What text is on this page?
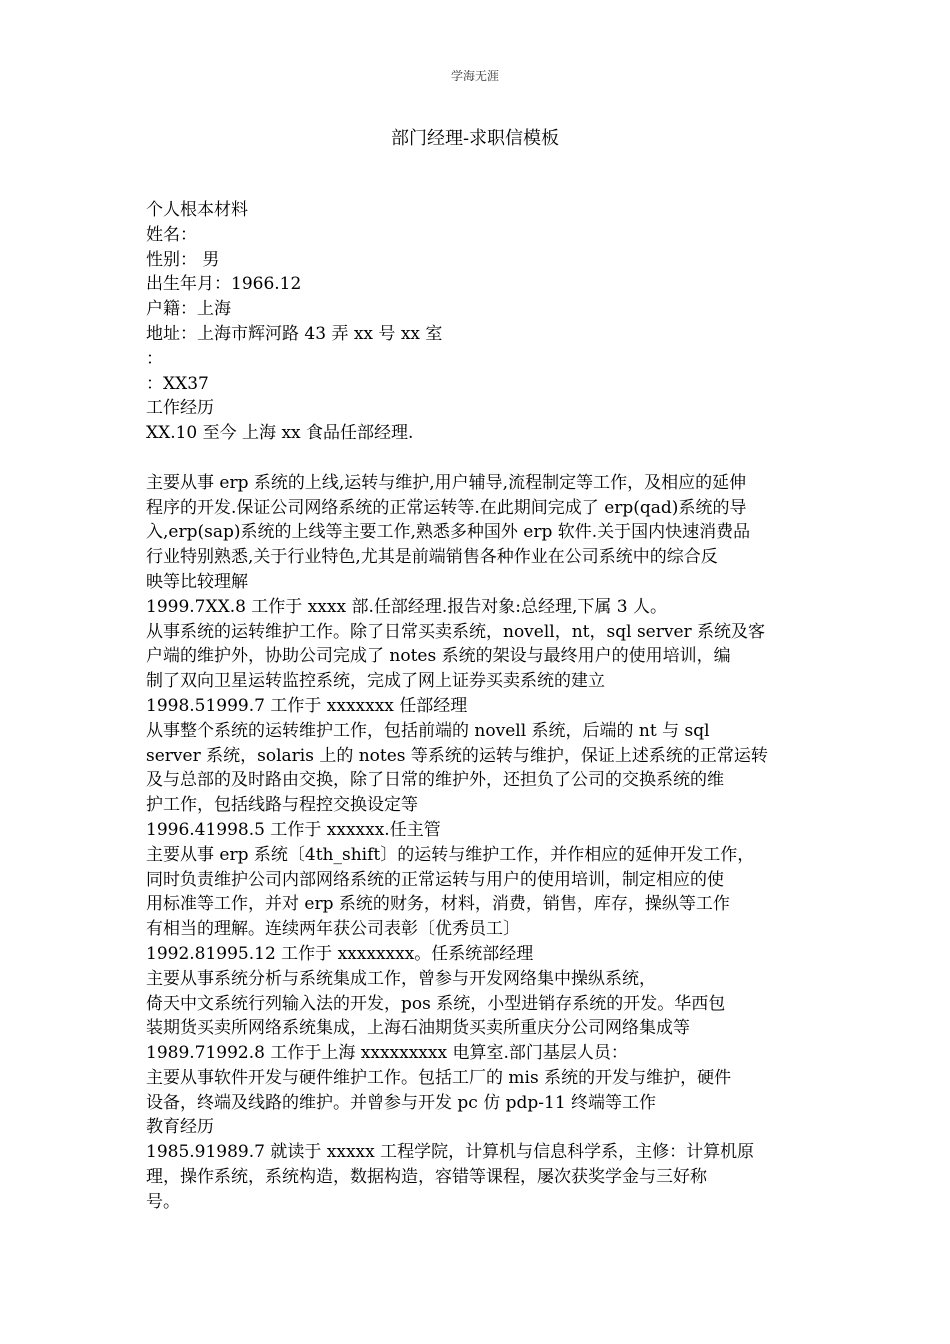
学海无涯
部门经理-求职信模板
个人根本材料
姓名：
性别： 男
出生年月：1966.12
户籍：上海
地址：上海市辉河路 43 弄 xx 号 xx 室
：
：XX37
工作经历
XX.10 至今 上海 xx 食品任部经理.
主要从事 erp 系统的上线,运转与维护,用户辅导,流程制定等工作，及相应的延伸
程序的开发.保证公司网络系统的正常运转等.在此期间完成了 erp(qad)系统的导
入,erp(sap)系统的上线等主要工作,熟悉多种国外 erp 软件.关于国内快速消费品
行业特别熟悉,关于行业特色,尤其是前端销售各种作业在公司系统中的综合反
映等比较理解
1999.7XX.8 工作于 xxxx 部.任部经理.报告对象:总经理,下属 3 人。
从事系统的运转维护工作。除了日常买卖系统，novell，nt，sql server 系统及客
户端的维护外，协助公司完成了 notes 系统的架设与最终用户的使用培训，编
制了双向卫星运转监控系统，完成了网上证券买卖系统的建立
1998.51999.7 工作于 xxxxxxx 任部经理
从事整个系统的运转维护工作，包括前端的 novell 系统，后端的 nt 与 sql
server 系统，solaris 上的 notes 等系统的运转与维护，保证上述系统的正常运转
及与总部的及时路由交换，除了日常的维护外，还担负了公司的交换系统的维
护工作，包括线路与程控交换设定等
1996.41998.5 工作于 xxxxxx.任主管
主要从事 erp 系统〔4th_shift〕的运转与维护工作，并作相应的延伸开发工作，
同时负责维护公司内部网络系统的正常运转与用户的使用培训，制定相应的使
用标准等工作，并对 erp 系统的财务，材料，消费，销售，库存，操纵等工作
有相当的理解。连续两年获公司表彰〔优秀员工〕
1992.81995.12 工作于 xxxxxxxx。任系统部经理
主要从事系统分析与系统集成工作，曾参与开发网络集中操纵系统，
倚天中文系统行列输入法的开发，pos 系统，小型进销存系统的开发。华西包
装期货买卖所网络系统集成，上海石油期货买卖所重庆分公司网络集成等
1989.71992.8 工作于上海 xxxxxxxxx 电算室.部门基层人员：
主要从事软件开发与硬件维护工作。包括工厂的 mis 系统的开发与维护，硬件
设备，终端及线路的维护。并曾参与开发 pc 仿 pdp-11 终端等工作
教育经历
1985.91989.7 就读于 xxxxx 工程学院，计算机与信息科学系，主修：计算机原
理，操作系统，系统构造，数据构造，容错等课程，屡次获奖学金与三好称
号。
